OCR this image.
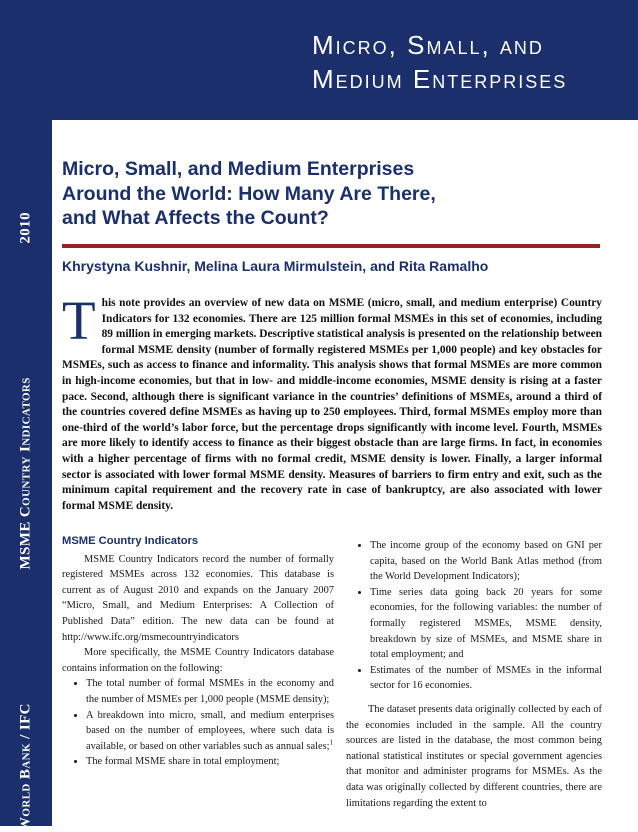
Micro, Small, and
Medium Enterprises
World Bank / IFC
MSME Country Indicators
2010
Micro, Small, and Medium Enterprises
Around the World: How Many Are There,
and What Affects the Count?
Khrystyna Kushnir, Melina Laura Mirmulstein, and Rita Ramalho
T his note provides an overview of new data on MSME (micro, small, and medium enterprise) Country Indicators for 132 economies. There are 125 million formal MSMEs in this set of economies, including 89 million in emerging markets. Descriptive statistical analysis is presented on the relationship between formal MSME density (number of formally registered MSMEs per 1,000 people) and key obstacles for MSMEs, such as access to finance and informality. This analysis shows that formal MSMEs are more common in high-income economies, but that in low- and middle-income economies, MSME density is rising at a faster pace. Second, although there is significant variance in the countries’ definitions of MSMEs, around a third of the countries covered define MSMEs as having up to 250 employees. Third, formal MSMEs employ more than one-third of the world’s labor force, but the percentage drops significantly with income level. Fourth, MSMEs are more likely to identify access to finance as their biggest obstacle than are large firms. In fact, in economies with a higher percentage of firms with no formal credit, MSME density is lower. Finally, a larger informal sector is associated with lower formal MSME density. Measures of barriers to firm entry and exit, such as the minimum capital requirement and the recovery rate in case of bankruptcy, are also associated with lower formal MSME density.
MSME Country Indicators

MSME Country Indicators record the number of formally registered MSMEs across 132 economies. This database is current as of August 2010 and expands on the January 2007 “Micro, Small, and Medium Enterprises: A Collection of Published Data” edition. The new data can be found at http://www.ifc.org/msmecountryindicators

More specifically, the MSME Country Indicators database contains information on the following:

• The total number of formal MSMEs in the economy and the number of MSMEs per 1,000 people (MSME density);
• A breakdown into micro, small, and medium enterprises based on the number of employees, where such data is available, or based on other variables such as annual sales;$^1$
• The formal MSME share in total employment;
• The income group of the economy based on GNI per capita, based on the World Bank Atlas method (from the World Development Indicators);
• Time series data going back 20 years for some economies, for the following variables: the number of formally registered MSMEs, MSME density, breakdown by size of MSMEs, and MSME share in total employment; and
• Estimates of the number of MSMEs in the informal sector for 16 economies.

The dataset presents data originally collected by each of the economies included in the sample. All the country sources are listed in the database, the most common being national statistical institutes or special government agencies that monitor and administer programs for MSMEs. As the data was originally collected by different countries, there are limitations regarding the extent to
